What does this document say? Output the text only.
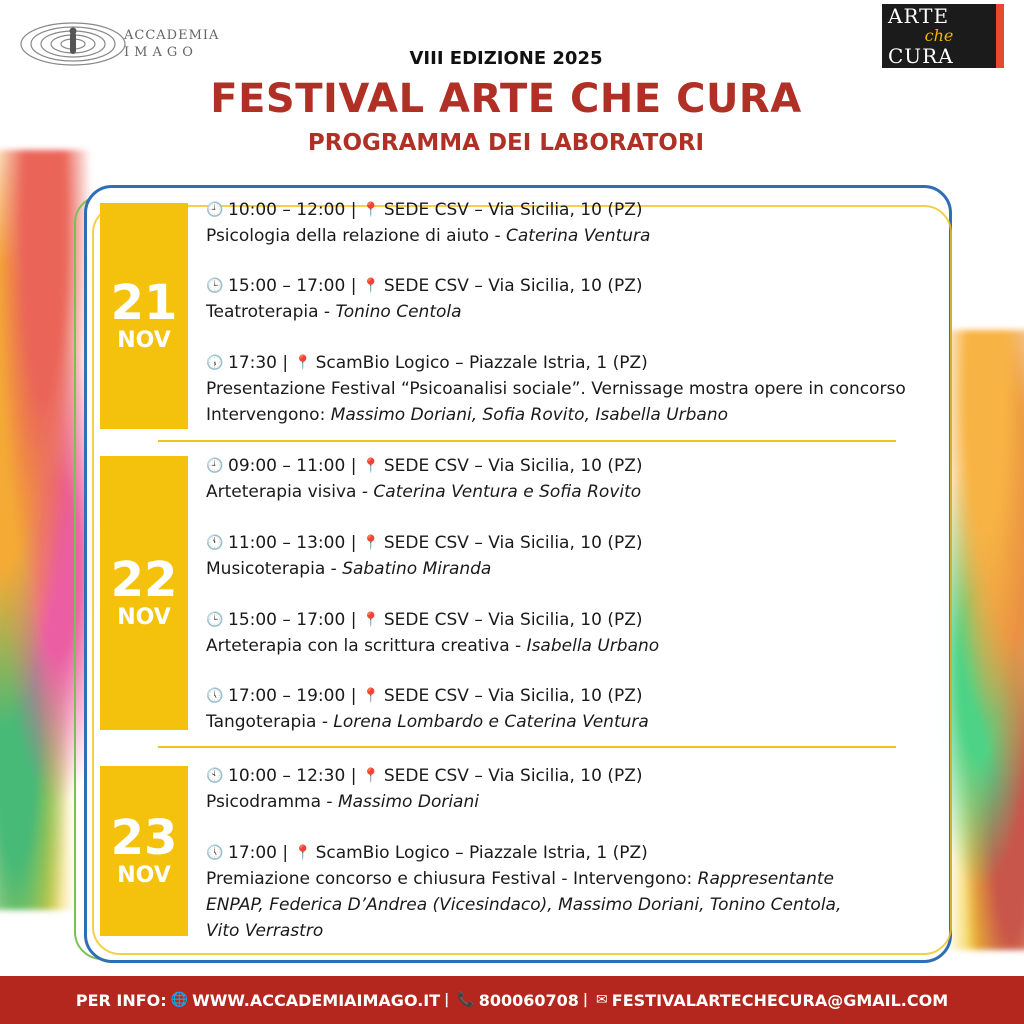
ACCADEMIA
IMAGO
ARTE
che
CURA
VIII EDIZIONE 2025
FESTIVAL ARTE CHE CURA
PROGRAMMA DEI LABORATORI
21
NOV
🕘 10:00 – 12:00 | 📍 SEDE CSV – Via Sicilia, 10 (PZ)
Psicologia della relazione di aiuto - Caterina Ventura
🕒 15:00 – 17:00 | 📍 SEDE CSV – Via Sicilia, 10 (PZ)
Teatroterapia - Tonino Centola
🕠 17:30 | 📍 ScamBio Logico – Piazzale Istria, 1 (PZ)
Presentazione Festival “Psicoanalisi sociale”. Vernissage mostra opere in concorso
Intervengono: Massimo Doriani, Sofia Rovito, Isabella Urbano
22
NOV
🕘 09:00 – 11:00 | 📍 SEDE CSV – Via Sicilia, 10 (PZ)
Arteterapia visiva - Caterina Ventura e Sofia Rovito
🕚 11:00 – 13:00 | 📍 SEDE CSV – Via Sicilia, 10 (PZ)
Musicoterapia - Sabatino Miranda
🕒 15:00 – 17:00 | 📍 SEDE CSV – Via Sicilia, 10 (PZ)
Arteterapia con la scrittura creativa - Isabella Urbano
🕔 17:00 – 19:00 | 📍 SEDE CSV – Via Sicilia, 10 (PZ)
Tangoterapia - Lorena Lombardo e Caterina Ventura
23
NOV
🕙 10:00 – 12:30 | 📍 SEDE CSV – Via Sicilia, 10 (PZ)
Psicodramma - Massimo Doriani
🕔 17:00 | 📍 ScamBio Logico – Piazzale Istria, 1 (PZ)
Premiazione concorso e chiusura Festival - Intervengono: Rappresentante
ENPAP, Federica D’Andrea (Vicesindaco), Massimo Doriani, Tonino Centola,
Vito Verrastro
PER INFO: 🌐 WWW.ACCADEMIAIMAGO.IT | 📞 800060708 | ✉ FESTIVALARTECHECURA@GMAIL.COM
